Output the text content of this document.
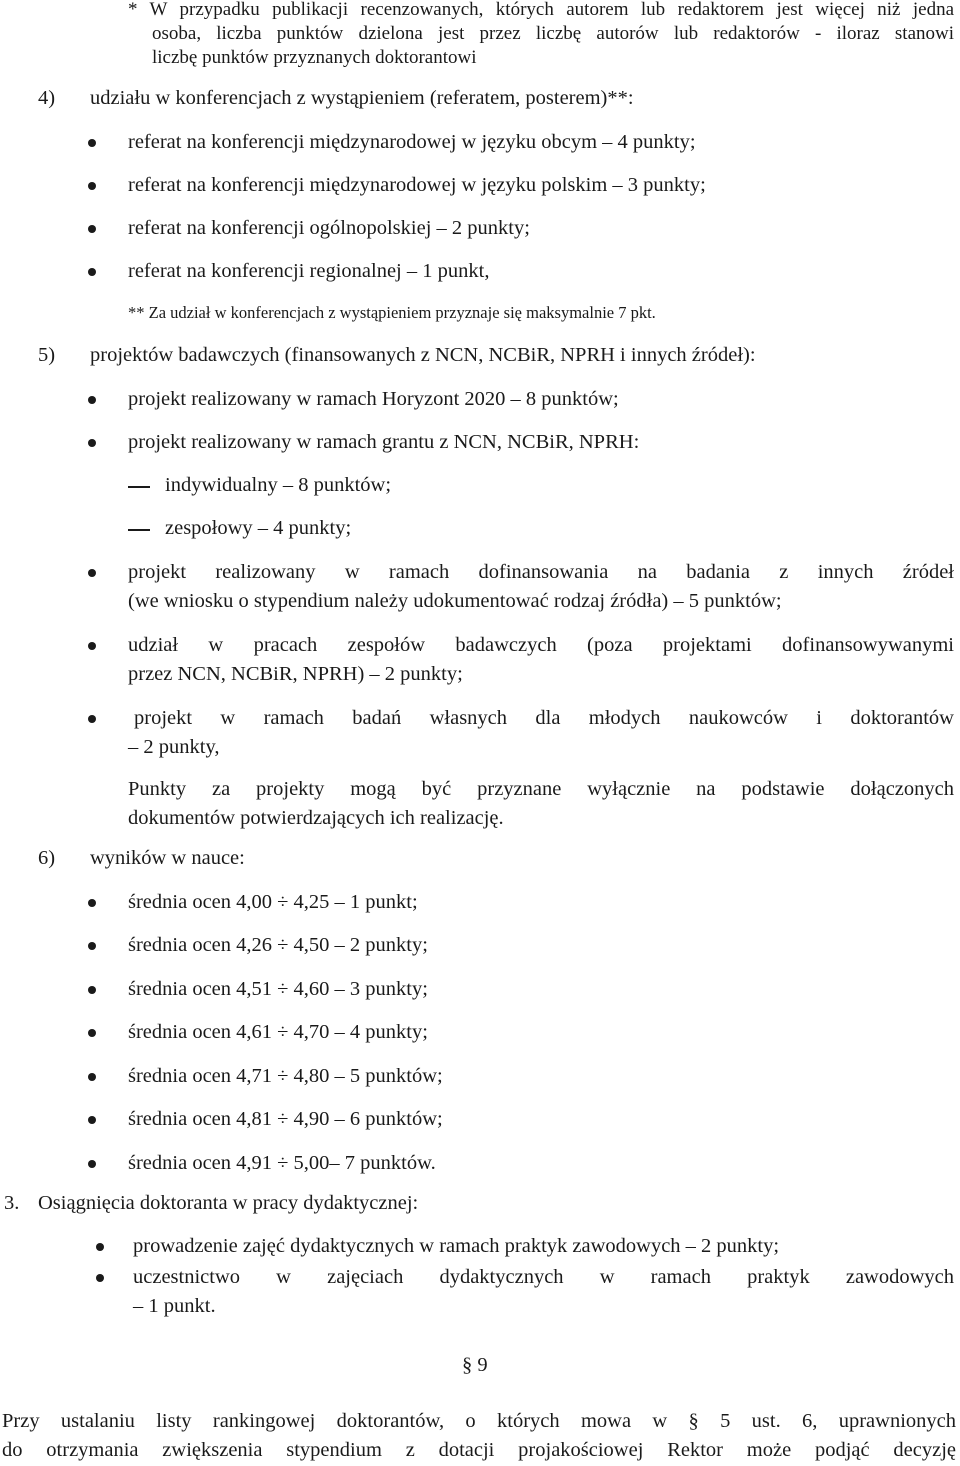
* W przypadku publikacji recenzowanych, których autorem lub redaktorem jest więcej niż jedna

osoba, liczba punktów dzielona jest przez liczbę autorów lub redaktorów - iloraz stanowi

liczbę punktów przyznanych doktorantowi

4) udziału w konferencjach z wystąpieniem (referatem, posterem)**:

referat na konferencji międzynarodowej w języku obcym – 4 punkty;

referat na konferencji międzynarodowej w języku polskim – 3 punkty;

referat na konferencji ogólnopolskiej – 2 punkty;

referat na konferencji regionalnej – 1 punkt,

** Za udział w konferencjach z wystąpieniem przyznaje się maksymalnie 7 pkt.

5) projektów badawczych (finansowanych z NCN, NCBiR, NPRH i innych źródeł):

projekt realizowany w ramach Horyzont 2020 – 8 punktów;

projekt realizowany w ramach grantu z NCN, NCBiR, NPRH:

indywidualny – 8 punktów;

zespołowy – 4 punkty;

projekt realizowany w ramach dofinansowania na badania z innych źródeł

(we wniosku o stypendium należy udokumentować rodzaj źródła) – 5 punktów;

udział w pracach zespołów badawczych (poza projektami dofinansowywanymi

przez NCN, NCBiR, NPRH) – 2 punkty;

projekt w ramach badań własnych dla młodych naukowców i doktorantów

– 2 punkty,

Punkty za projekty mogą być przyznane wyłącznie na podstawie dołączonych

dokumentów potwierdzających ich realizację.

6) wyników w nauce:

średnia ocen 4,00 ÷ 4,25 – 1 punkt;

średnia ocen 4,26 ÷ 4,50 – 2 punkty;

średnia ocen 4,51 ÷ 4,60 – 3 punkty;

średnia ocen 4,61 ÷ 4,70 – 4 punkty;

średnia ocen 4,71 ÷ 4,80 – 5 punktów;

średnia ocen 4,81 ÷ 4,90 – 6 punktów;

średnia ocen 4,91 ÷ 5,00– 7 punktów.

3. Osiągnięcia doktoranta w pracy dydaktycznej:

prowadzenie zajęć dydaktycznych w ramach praktyk zawodowych – 2 punkty;

uczestnictwo w zajęciach dydaktycznych w ramach praktyk zawodowych

– 1 punkt.

§ 9

Przy ustalaniu listy rankingowej doktorantów, o których mowa w § 5 ust. 6, uprawnionych

do otrzymania zwiększenia stypendium z dotacji projakościowej Rektor może podjąć decyzję
